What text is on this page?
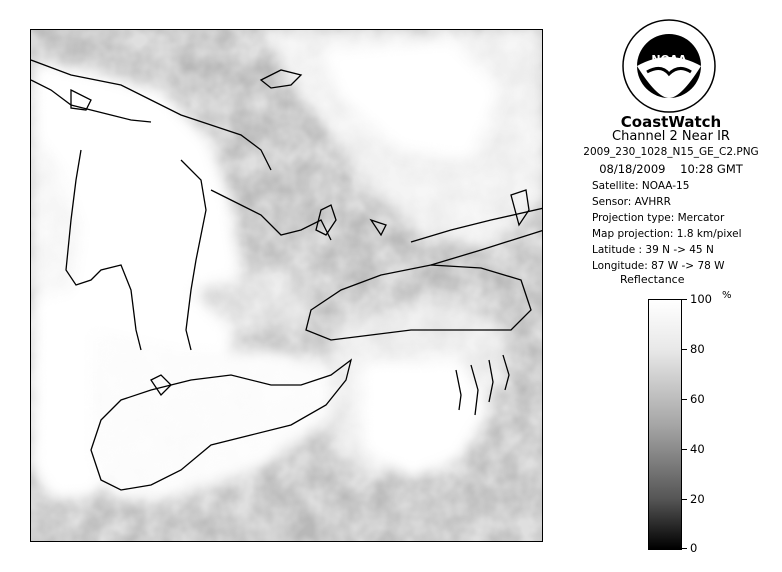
NOAA
CoastWatch
Channel 2 Near IR
2009_230_1028_N15_GE_C2.PNG
08/18/2009 10:28 GMT
Satellite: NOAA-15
Sensor: AVHRR
Projection type: Mercator
Map projection: 1.8 km/pixel
Latitude : 39 N -> 45 N
Longitude: 87 W -> 78 W
Reflectance
%
100
80
60
40
20
0
